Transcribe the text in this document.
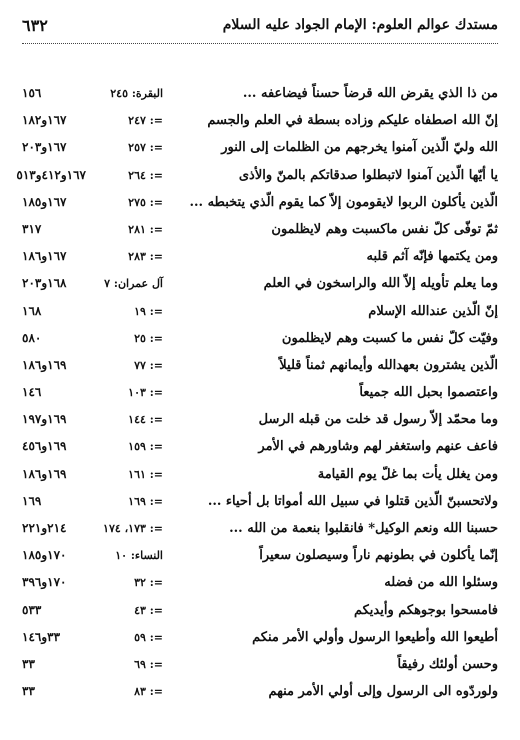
مستدك عوالم العلوم: الإمام الجواد عليه السلام
٦٣٢
من ذا الذي يقرض الله قرضاً حسناً فيضاعفه ...
البقرة: ٢٤٥
١٥٦
إنّ الله اصطفاه عليكم وزاده بسطة في العلم والجسم
=: ٢٤٧
١٦٧و١٨٢
الله وليّ الّذين آمنوا يخرجهم من الظلمات إلى النور
=: ٢٥٧
١٦٧و٢٠٣
يا أيّها الّذين آمنوا لاتبطلوا صدقاتكم بالمنّ والأذى
=: ٢٦٤
١٦٧و٤١٢و٥١٣
الّذين يأكلون الربوا لايقومون إلاّ كما يقوم الّذي يتخبطه ...
=: ٢٧٥
١٦٧و١٨٥
ثمّ توفّى كلّ نفس ماكسبت وهم لايظلمون
=: ٢٨١
٣١٧
ومن يكتمها فإنّه آثم قلبه
=: ٢٨٣
١٦٧و١٨٦
وما يعلم تأويله إلاّ الله والراسخون في العلم
آل عمران: ٧
١٦٨و٢٠٣
إنّ الّذين عندالله الإسلام
=: ١٩
١٦٨
وفيّت كلّ نفس ما كسبت وهم لايظلمون
=: ٢٥
٥٨٠
الّذين يشترون بعهدالله وأيمانهم ثمناً قليلاً
=: ٧٧
١٦٩و١٨٦
واعتصموا بحبل الله جميعاً
=: ١٠٣
١٤٦
وما محمّد إلاّ رسول قد خلت من قبله الرسل
=: ١٤٤
١٦٩و١٩٧
فاعف عنهم واستغفر لهم وشاورهم في الأمر
=: ١٥٩
١٦٩و٤٥٦
ومن يغلل يأت بما غلّ يوم القيامة
=: ١٦١
١٦٩و١٨٦
ولاتحسبنّ الّذين قتلوا في سبيل الله أمواتا بل أحياء ...
=: ١٦٩
١٦٩
حسبنا الله ونعم الوكيل* فانقلبوا بنعمة من الله ...
=: ١٧٣، ١٧٤
٢١٤و٢٢١
إنّما يأكلون في بطونهم ناراً وسيصلون سعيراً
النساء: ١٠
١٧٠و١٨٥
وسئلوا الله من فضله
=: ٣٢
١٧٠و٣٩٦
فامسحوا بوجوهكم وأيديكم
=: ٤٣
٥٣٣
أطيعوا الله وأطيعوا الرسول وأولي الأمر منكم
=: ٥٩
٣٣و١٤٦
وحسن أولئك رفيقاً
=: ٦٩
٣٣
ولوردّوه الى الرسول وإلى أولي الأمر منهم
=: ٨٣
٣٣
